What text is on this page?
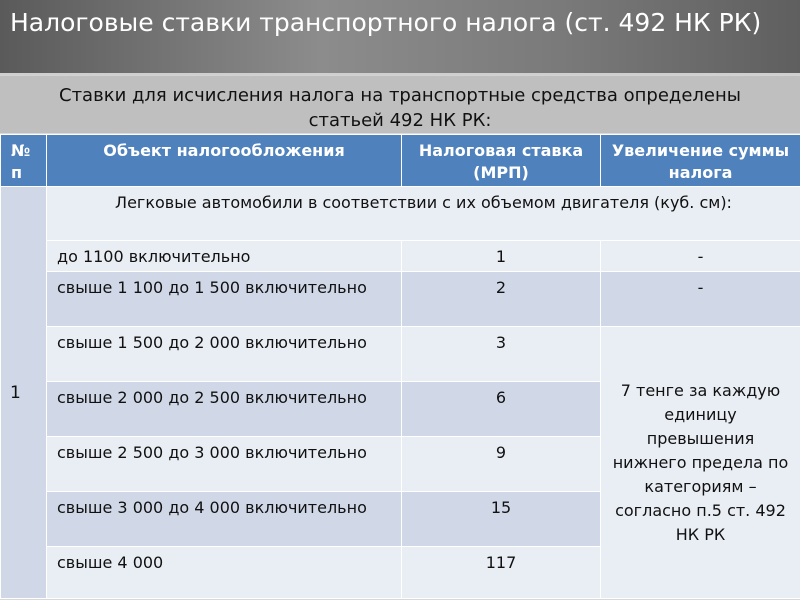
Налоговые ставки транспортного налога (ст. 492 НК РК)
Ставки для исчисления налога на транспортные средства определены статьей 492 НК РК:
№ п	Объект налогообложения	Налоговая ставка (МРП)	Увеличение суммы налога
1	Легковые автомобили в соответствии с их объемом двигателя (куб. см):		
	до 1100 включительно	1	-
	свыше 1 100 до 1 500 включительно	2	-
	свыше 1 500 до 2 000 включительно	3	7 тенге за каждую единицу превышения нижнего предела по категориям – согласно п.5 ст. 492 НК РК
	свыше 2 000 до 2 500 включительно	6	
	свыше 2 500 до 3 000 включительно	9	
	свыше 3 000 до 4 000 включительно	15	
	свыше 4 000	117	
